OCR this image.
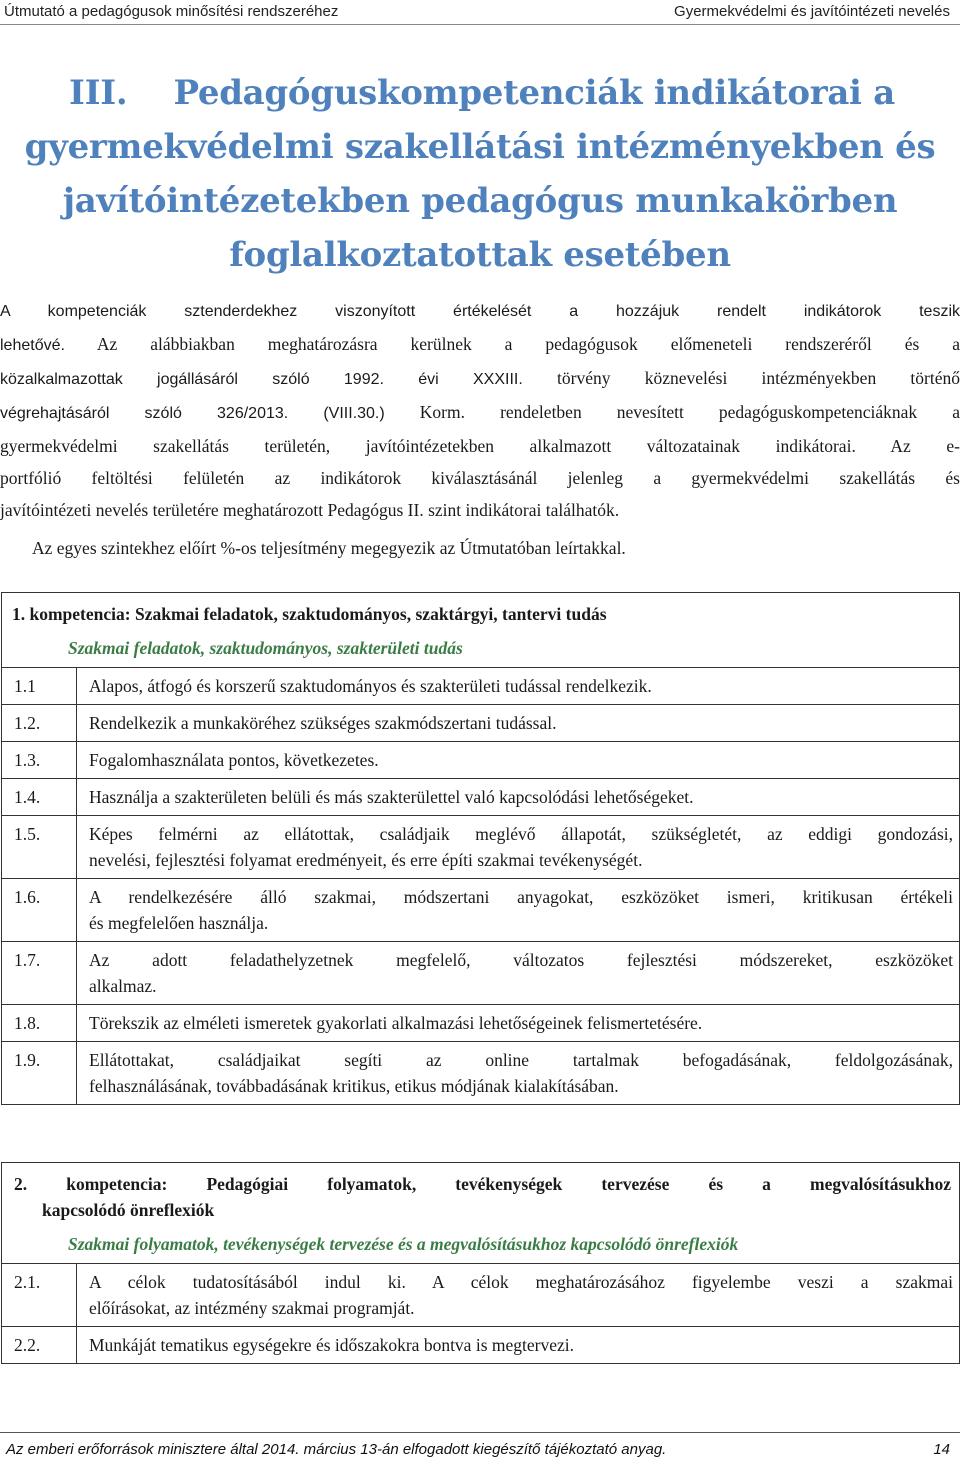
Útmutató a pedagógusok minősítési rendszeréhez	Gyermekvédelmi és javítóintézeti nevelés
III.    Pedagóguskompetenciák indikátorai a
gyermekvédelmi szakellátási intézményekben és
javítóintézetekben pedagógus munkakörben
foglalkoztatottak esetében

A kompetenciák sztenderdekhez viszonyított értékelését a hozzájuk rendelt indikátorok teszik
lehetővé. Az alábbiakban meghatározásra kerülnek a pedagógusok előmeneteli rendszeréről és a
közalkalmazottak jogállásáról szóló 1992. évi XXXIII. törvény köznevelési intézményekben történő
végrehajtásáról szóló 326/2013. (VIII.30.) Korm. rendeletben nevesített pedagóguskompetenciáknak a
gyermekvédelmi szakellátás területén, javítóintézetekben alkalmazott változatainak indikátorai. Az e-
portfólió feltöltési felületén az indikátorok kiválasztásánál jelenleg a gyermekvédelmi szakellátás és
javítóintézeti nevelés területére meghatározott Pedagógus II. szint indikátorai találhatók.

Az egyes szintekhez előírt %-os teljesítmény megegyezik az Útmutatóban leírtakkal.

1. kompetencia: Szakmai feladatok, szaktudományos, szaktárgyi, tantervi tudás
Szakmai feladatok, szaktudományos, szakterületi tudás	

1.1	Alapos, átfogó és korszerű szaktudományos és szakterületi tudással rendelkezik.
1.2.	Rendelkezik a munkaköréhez szükséges szakmódszertani tudással.
1.3.	Fogalomhasználata pontos, következetes.
1.4.	Használja a szakterületen belüli és más szakterülettel való kapcsolódási lehetőségeket.
1.5.	Képes felmérni az ellátottak, családjaik meglévő állapotát, szükségletét, az eddigi gondozási,
nevelési, fejlesztési folyamat eredményeit, és erre építi szakmai tevékenységét.
1.6.	A rendelkezésére álló szakmai, módszertani anyagokat, eszközöket ismeri, kritikusan értékeli
és megfelelően használja.
1.7.	Az adott feladathelyzetnek megfelelő, változatos fejlesztési módszereket, eszközöket
alkalmaz.
1.8.	Törekszik az elméleti ismeretek gyakorlati alkalmazási lehetőségeinek felismertetésére.
1.9.	Ellátottakat, családjaikat segíti az online tartalmak befogadásának, feldolgozásának,
felhasználásának, továbbadásának kritikus, etikus módjának kialakításában.
2. kompetencia: Pedagógiai folyamatok, tevékenységek tervezése és a megvalósításukhoz
kapcsolódó önreflexiók
Szakmai folyamatok, tevékenységek tervezése és a megvalósításukhoz kapcsolódó önreflexiók	

2.1.	A célok tudatosításából indul ki. A célok meghatározásához figyelembe veszi a szakmai
előírásokat, az intézmény szakmai programját.
2.2.	Munkáját tematikus egységekre és időszakokra bontva is megtervezi.
Az emberi erőforrások minisztere által 2014. március 13-án elfogadott kiegészítő tájékoztató anyag.	14
